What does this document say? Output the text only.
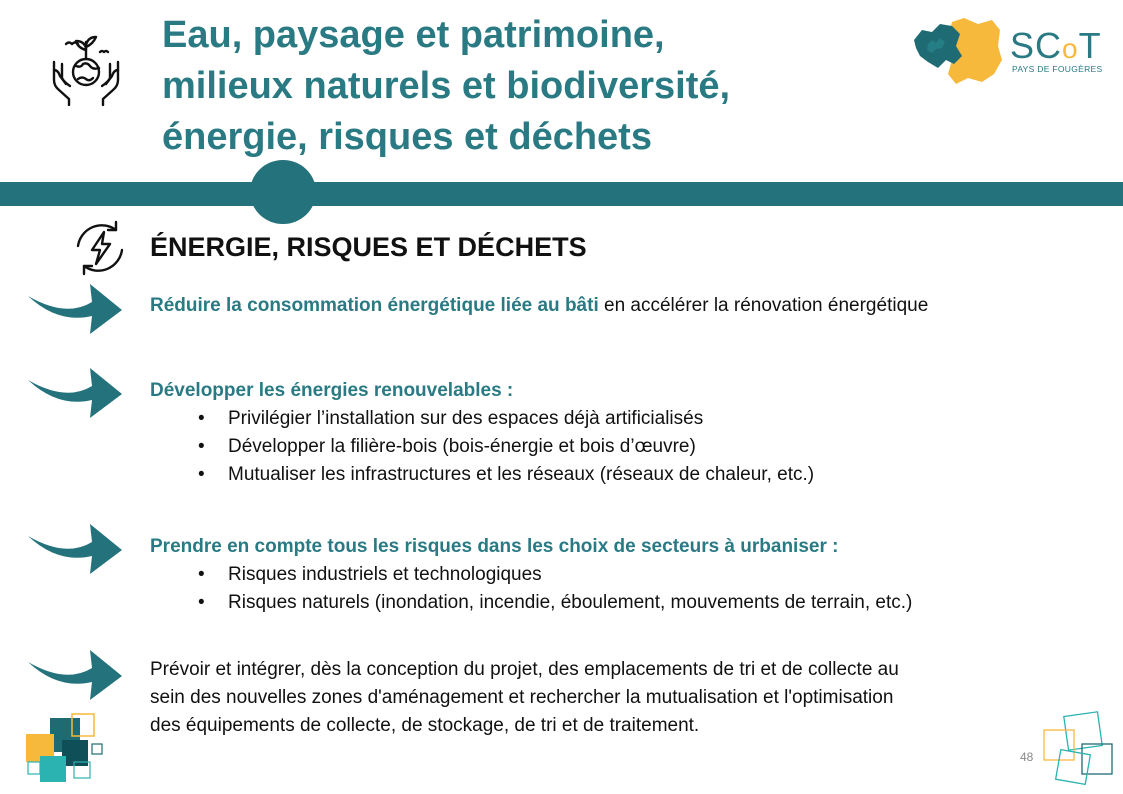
Eau, paysage et patrimoine,
milieux naturels et biodiversité,
énergie, risques et déchets
SCoT
PAYS DE FOUGÈRES
ÉNERGIE, RISQUES ET DÉCHETS

Réduire la consommation énergétique liée au bâti en accélérer la rénovation énergétique

Développer les énergies renouvelables :

• Privilégier l’installation sur des espaces déjà artificialisés
• Développer la filière-bois (bois-énergie et bois d’œuvre)
• Mutualiser les infrastructures et les réseaux (réseaux de chaleur, etc.)

Prendre en compte tous les risques dans les choix de secteurs à urbaniser :

• Risques industriels et technologiques
• Risques naturels (inondation, incendie, éboulement, mouvements de terrain, etc.)

Prévoir et intégrer, dès la conception du projet, des emplacements de tri et de collecte au

sein des nouvelles zones d'aménagement et rechercher la mutualisation et l'optimisation

des équipements de collecte, de stockage, de tri et de traitement.

48
